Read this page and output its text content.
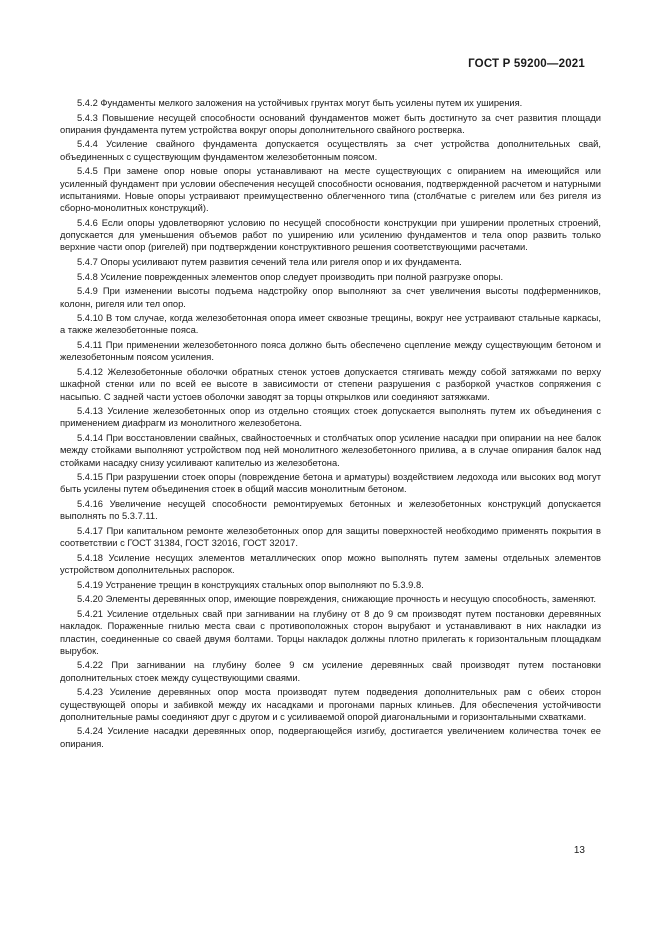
ГОСТ Р 59200—2021

5.4.2 Фундаменты мелкого заложения на устойчивых грунтах могут быть усилены путем их уширения.

5.4.3 Повышение несущей способности оснований фундаментов может быть достигнуто за счет развития площади опирания фундамента путем устройства вокруг опоры дополнительного свайного ростверка.

5.4.4 Усиление свайного фундамента допускается осуществлять за счет устройства дополнительных свай, объединенных с существующим фундаментом железобетонным поясом.

5.4.5 При замене опор новые опоры устанавливают на месте существующих с опиранием на имеющийся или усиленный фундамент при условии обеспечения несущей способности основания, подтвержденной расчетом и натурными испытаниями. Новые опоры устраивают преимущественно облегченного типа (столбчатые с ригелем или без ригеля из сборно-монолитных конструкций).

5.4.6 Если опоры удовлетворяют условию по несущей способности конструкции при уширении пролетных строений, допускается для уменьшения объемов работ по уширению или усилению фундаментов и тела опор развить только верхние части опор (ригелей) при подтверждении конструктивного решения соответствующими расчетами.

5.4.7 Опоры усиливают путем развития сечений тела или ригеля опор и их фундамента.

5.4.8 Усиление поврежденных элементов опор следует производить при полной разгрузке опоры.

5.4.9 При изменении высоты подъема надстройку опор выполняют за счет увеличения высоты подферменников, колонн, ригеля или тел опор.

5.4.10 В том случае, когда железобетонная опора имеет сквозные трещины, вокруг нее устраивают стальные каркасы, а также железобетонные пояса.

5.4.11 При применении железобетонного пояса должно быть обеспечено сцепление между существующим бетоном и железобетонным поясом усиления.

5.4.12 Железобетонные оболочки обратных стенок устоев допускается стягивать между собой затяжками по верху шкафной стенки или по всей ее высоте в зависимости от степени разрушения с разборкой участков сопряжения с насыпью. С задней части устоев оболочки заводят за торцы открылков или соединяют затяжками.

5.4.13 Усиление железобетонных опор из отдельно стоящих стоек допускается выполнять путем их объединения с применением диафрагм из монолитного железобетона.

5.4.14 При восстановлении свайных, свайностоечных и столбчатых опор усиление насадки при опирании на нее балок между стойками выполняют устройством под ней монолитного железобетонного прилива, а в случае опирания балок над стойками насадку снизу усиливают капителью из железобетона.

5.4.15 При разрушении стоек опоры (повреждение бетона и арматуры) воздействием ледохода или высоких вод могут быть усилены путем объединения стоек в общий массив монолитным бетоном.

5.4.16 Увеличение несущей способности ремонтируемых бетонных и железобетонных конструкций допускается выполнять по 5.3.7.11.

5.4.17 При капитальном ремонте железобетонных опор для защиты поверхностей необходимо применять покрытия в соответствии с ГОСТ 31384, ГОСТ 32016, ГОСТ 32017.

5.4.18 Усиление несущих элементов металлических опор можно выполнять путем замены отдельных элементов устройством дополнительных распорок.

5.4.19 Устранение трещин в конструкциях стальных опор выполняют по 5.3.9.8.

5.4.20 Элементы деревянных опор, имеющие повреждения, снижающие прочность и несущую способность, заменяют.

5.4.21 Усиление отдельных свай при загнивании на глубину от 8 до 9 см производят путем постановки деревянных накладок. Пораженные гнилью места сваи с противоположных сторон вырубают и устанавливают в них накладки из пластин, соединенные со сваей двумя болтами. Торцы накладок должны плотно прилегать к горизонтальным площадкам вырубок.

5.4.22 При загнивании на глубину более 9 см усиление деревянных свай производят путем постановки дополнительных стоек между существующими сваями.

5.4.23 Усиление деревянных опор моста производят путем подведения дополнительных рам с обеих сторон существующей опоры и забивкой между их насадками и прогонами парных клиньев. Для обеспечения устойчивости дополнительные рамы соединяют друг с другом и с усиливаемой опорой диагональными и горизонтальными схватками.

5.4.24 Усиление насадки деревянных опор, подвергающейся изгибу, достигается увеличением количества точек ее опирания.

13
